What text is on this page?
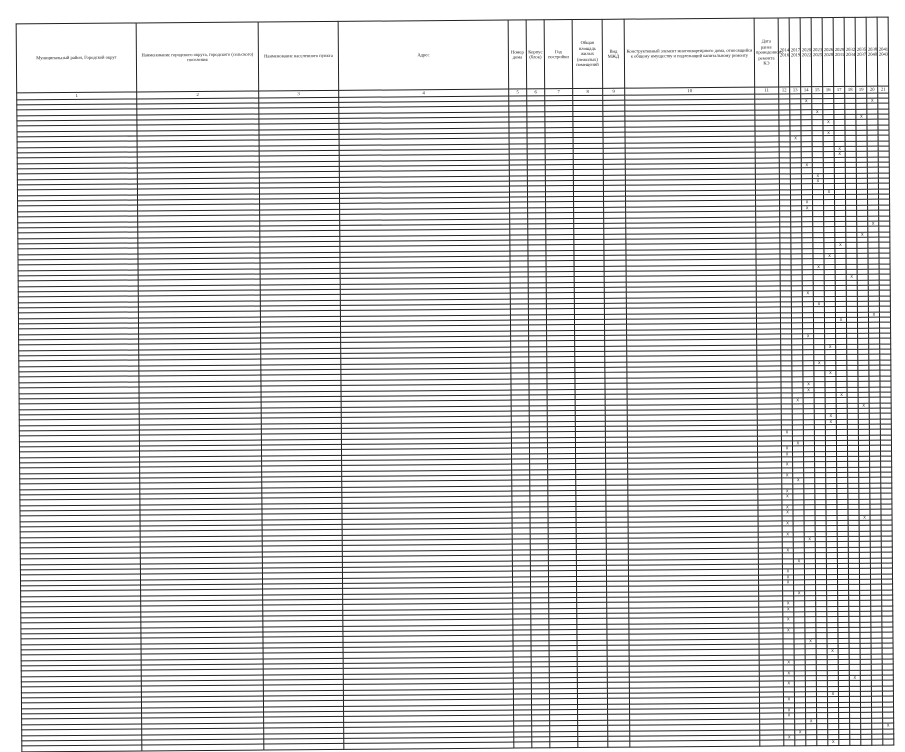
Муниципальный район, Городской округ	Наименование городского округа, городского (сельского) поселения	Наименование населенного пункта	Адрес	Номер дома	Корпус (блок)	Год постройки	Общая площадь жилых (нежилых) помещений	Вид МЖД	Конструктивный элемент многоквартирного дома, относящийся к общему имуществу и подлежащий капитальному ремонту	Дата ранее проведенного ремонта КЭ	2014 2016	2017 2019	2020 2022	2023 2025	2026 2028	2029 2031	2032 2034	2035 2037	2038 2040	2041 2043
1	2	3	4	5	6	7	8	9	10	11	12	13	14	15	16	17	18	19	20	21

													X						X	

														X						
																		X		
															X					

															X					
												X								

																X				
																X				

													X							

														X						
														X						

															X					

													X							
													X							

																			X	

																		X		

																X				

															X					

														X						

																	X			

													X							

														X						

																			X	
																X				

													X							

															X					

														X						

															X					

													X							
													X							
																X				
												X								
																		X		

															X					
															X					

											X									

												X								
											X									
											X									

											X									

											X									
												X								

											X									
											X									

											X									
											X									
																		X		
											X									

											X									
													X							

											X									

												X								

											X									
											X									
											X									

												X								

											X									
											X									

											X									

											X									

													X							

															X					

											X									

											X									
																	X			
											X									

															X					
											X									

											X									
											X									
													X							
																				X
												X								
											X									
															X					
